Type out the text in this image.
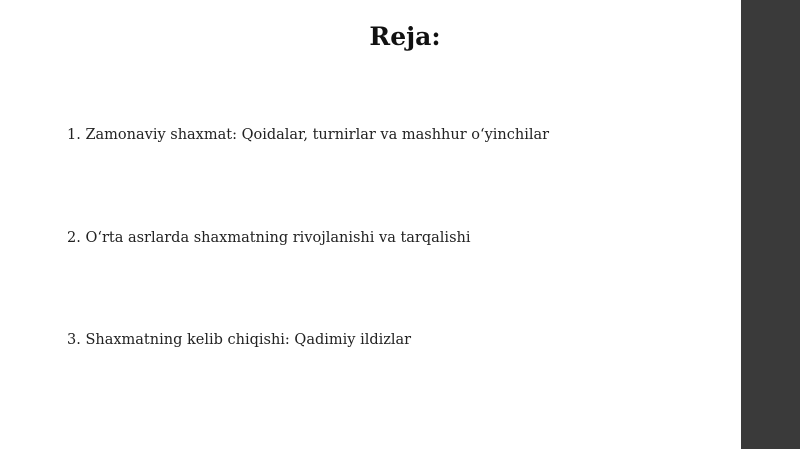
Reja:
1. Zamonaviy shaxmat: Qoidalar, turnirlar va mashhur o‘yinchilar
2. O‘rta asrlarda shaxmatning rivojlanishi va tarqalishi
3. Shaxmatning kelib chiqishi: Qadimiy ildizlar
